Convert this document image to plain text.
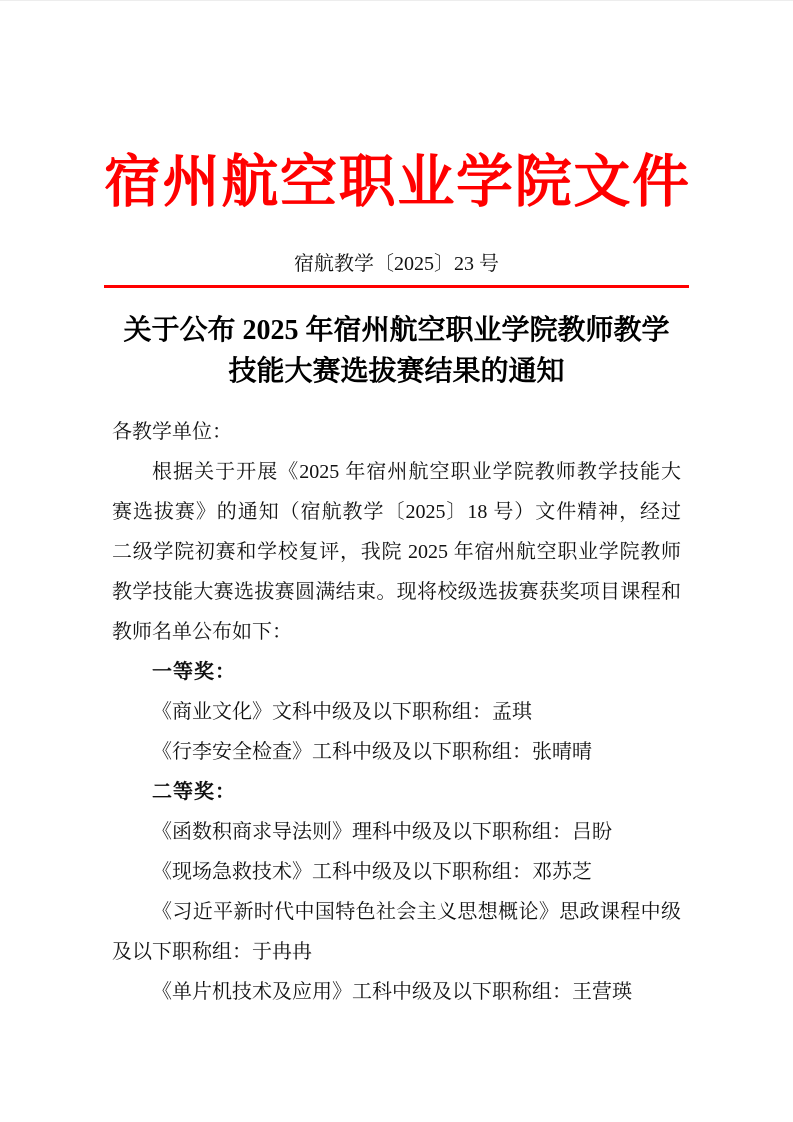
宿州航空职业学院文件
宿航教学〔2025〕23 号
关于公布 2025 年宿州航空职业学院教师教学
技能大赛选拔赛结果的通知
各教学单位：
根据关于开展《2025 年宿州航空职业学院教师教学技能大
赛选拔赛》的通知（宿航教学〔2025〕18 号）文件精神，经过
二级学院初赛和学校复评，我院 2025 年宿州航空职业学院教师
教学技能大赛选拔赛圆满结束。现将校级选拔赛获奖项目课程和
教师名单公布如下：
一等奖：
《商业文化》文科中级及以下职称组：孟琪
《行李安全检查》工科中级及以下职称组：张晴晴
二等奖：
《函数积商求导法则》理科中级及以下职称组：吕盼
《现场急救技术》工科中级及以下职称组：邓苏芝
《习近平新时代中国特色社会主义思想概论》思政课程中级
及以下职称组：于冉冉
《单片机技术及应用》工科中级及以下职称组：王营瑛
